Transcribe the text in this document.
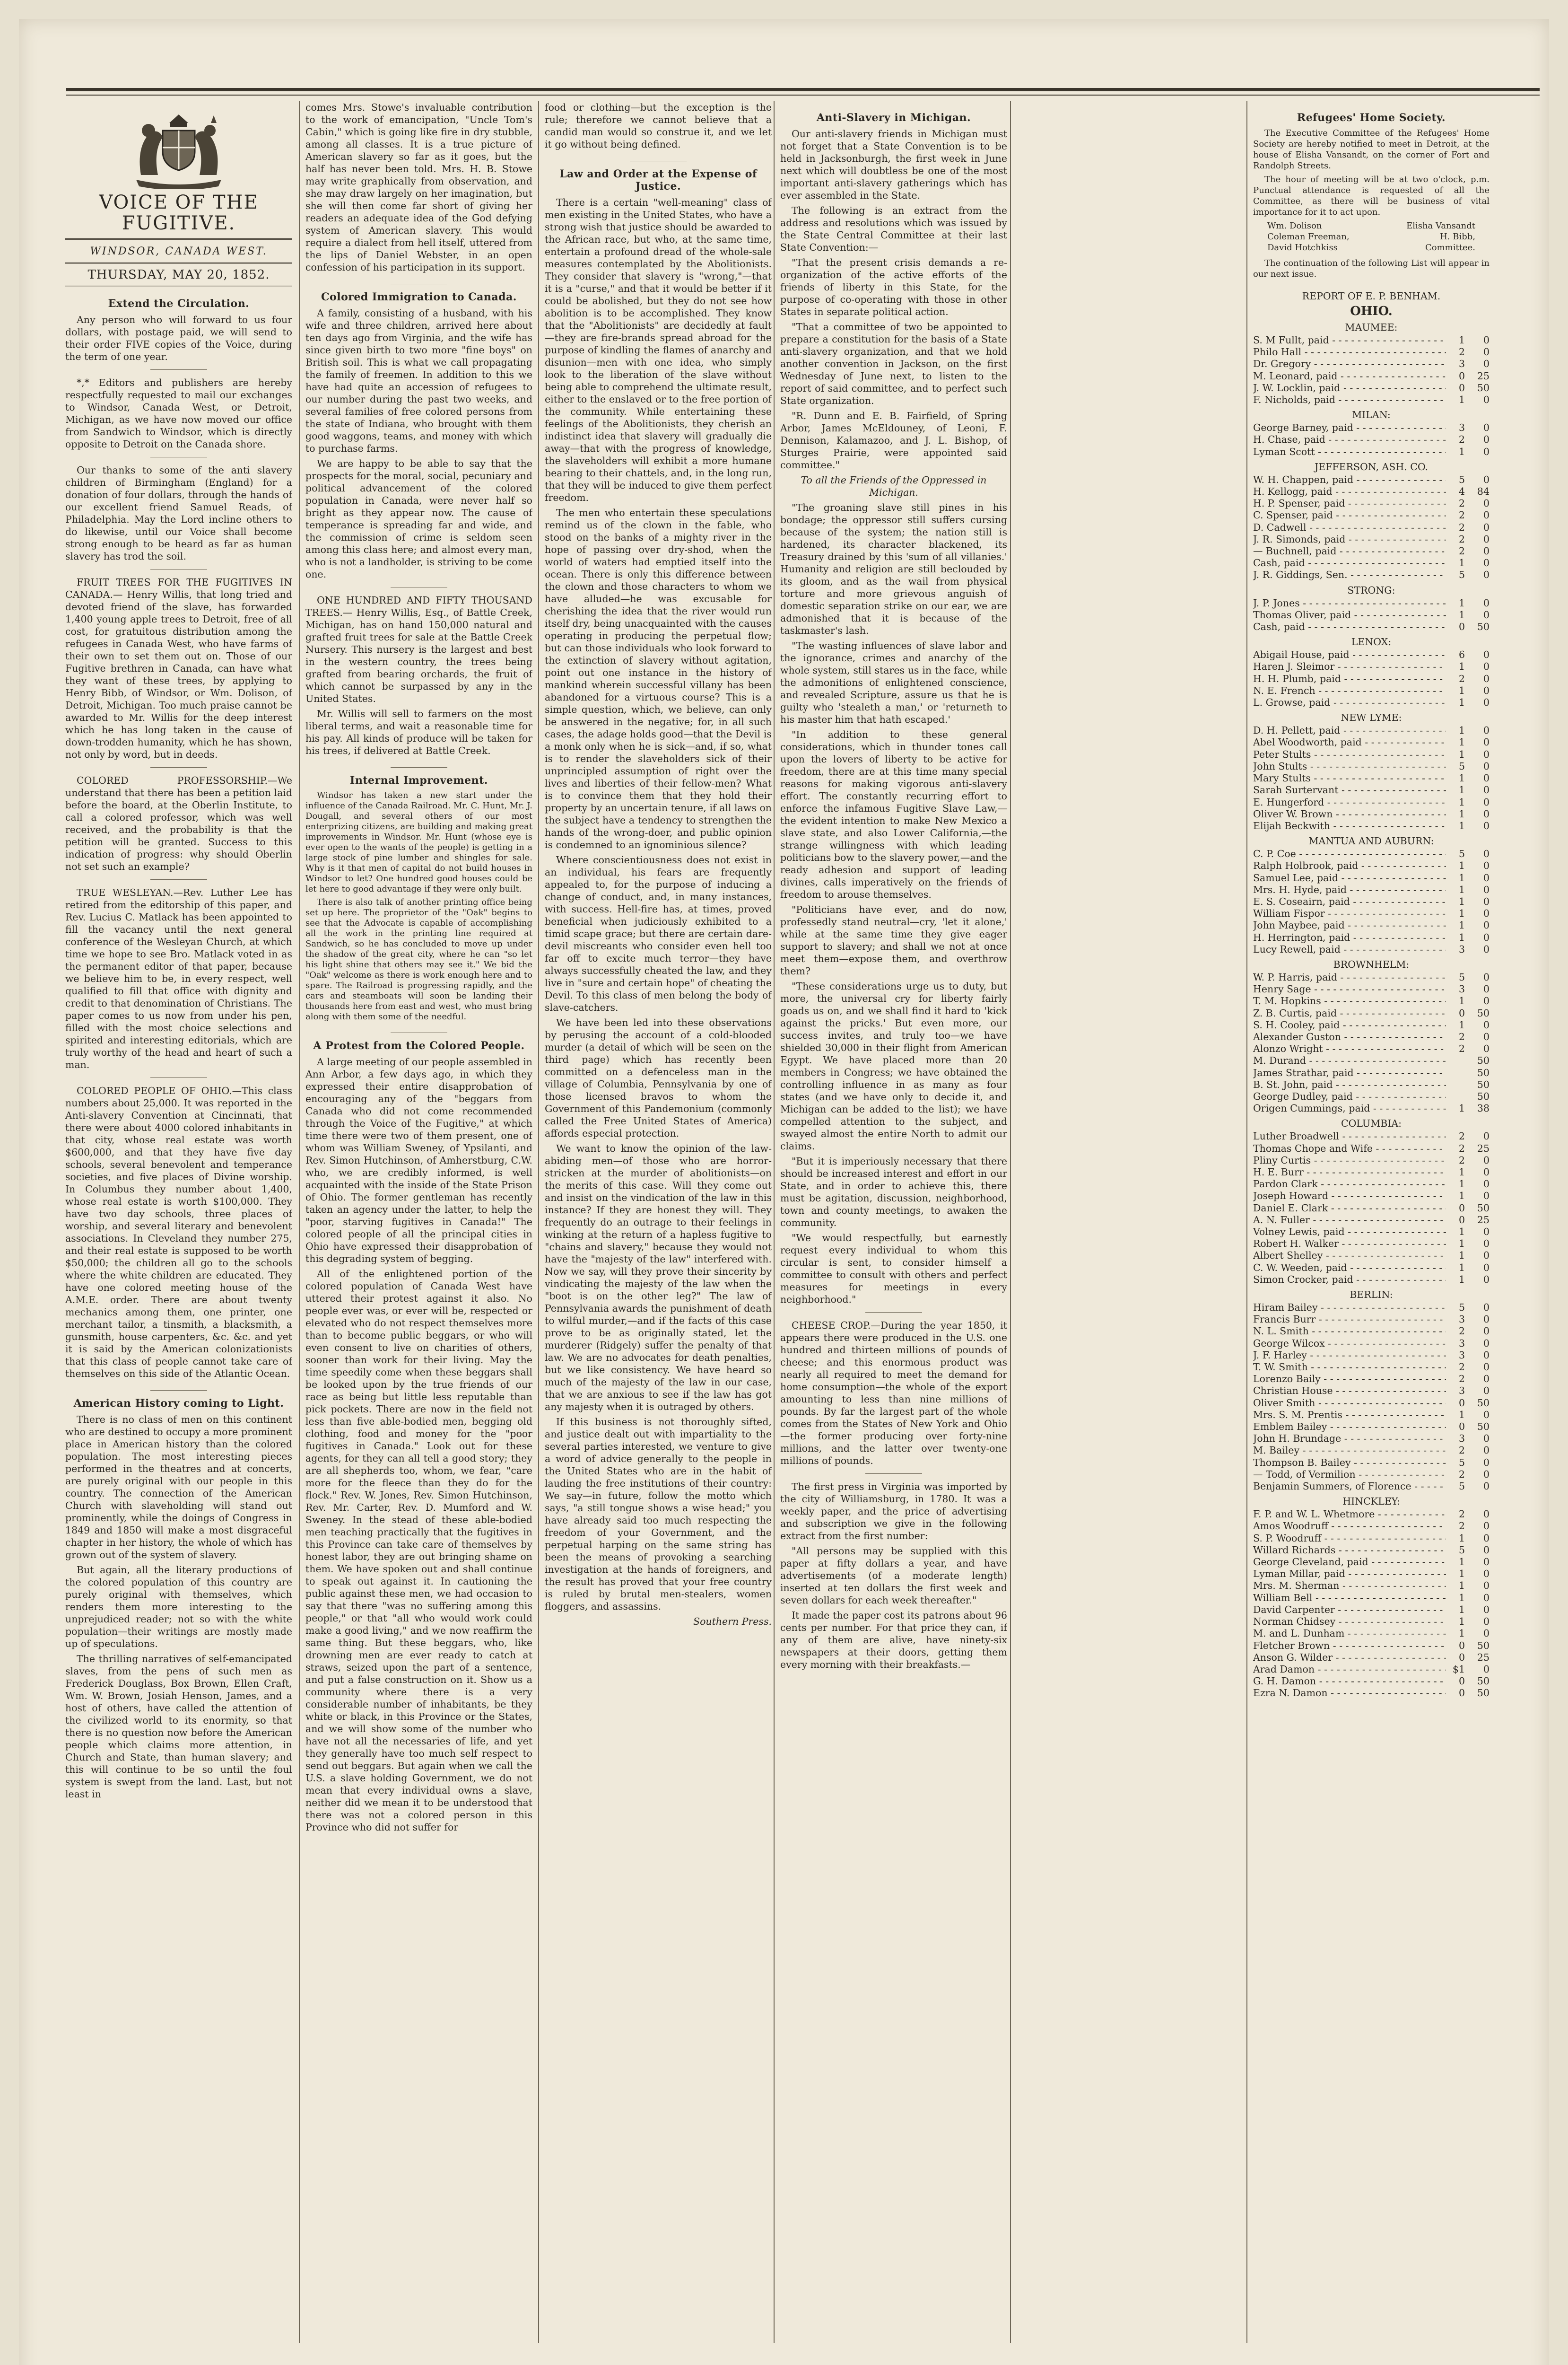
VOICE OF THE FUGITIVE.
WINDSOR, CANADA WEST.
THURSDAY, MAY 20, 1852.
Extend the Circulation.

Any person who will forward to us four dollars, with postage paid, we will send to their order FIVE copies of the Voice, during the term of one year.

*,* Editors and publishers are hereby respectfully requested to mail our exchanges to Windsor, Canada West, or Detroit, Michigan, as we have now moved our office from Sandwich to Windsor, which is directly opposite to Detroit on the Canada shore.

Our thanks to some of the anti slavery children of Birmingham (England) for a donation of four dollars, through the hands of our excellent friend Samuel Reads, of Philadelphia. May the Lord incline others to do likewise, until our Voice shall become strong enough to be heard as far as human slavery has trod the soil.

FRUIT TREES FOR THE FUGITIVES IN CANADA.— Henry Willis, that long tried and devoted friend of the slave, has forwarded 1,400 young apple trees to Detroit, free of all cost, for gratuitous distribution among the refugees in Canada West, who have farms of their own to set them out on. Those of our Fugitive brethren in Canada, can have what they want of these trees, by applying to Henry Bibb, of Windsor, or Wm. Dolison, of Detroit, Michigan. Too much praise cannot be awarded to Mr. Willis for the deep interest which he has long taken in the cause of down-trodden humanity, which he has shown, not only by word, but in deeds.

COLORED PROFESSORSHIP.—We understand that there has been a petition laid before the board, at the Oberlin Institute, to call a colored professor, which was well received, and the probability is that the petition will be granted. Success to this indication of progress: why should Oberlin not set such an example?

TRUE WESLEYAN.—Rev. Luther Lee has retired from the editorship of this paper, and Rev. Lucius C. Matlack has been appointed to fill the vacancy until the next general conference of the Wesleyan Church, at which time we hope to see Bro. Matlack voted in as the permanent editor of that paper, because we believe him to be, in every respect, well qualified to fill that office with dignity and credit to that denomination of Christians. The paper comes to us now from under his pen, filled with the most choice selections and spirited and interesting editorials, which are truly worthy of the head and heart of such a man.

COLORED PEOPLE OF OHIO.—This class numbers about 25,000. It was reported in the Anti-slavery Convention at Cincinnati, that there were about 4000 colored inhabitants in that city, whose real estate was worth $600,000, and that they have five day schools, several benevolent and temperance societies, and five places of Divine worship. In Columbus they number about 1,400, whose real estate is worth $100,000. They have two day schools, three places of worship, and several literary and benevolent associations. In Cleveland they number 275, and their real estate is supposed to be worth $50,000; the children all go to the schools where the white children are educated. They have one colored meeting house of the A.M.E. order. There are about twenty mechanics among them, one printer, one merchant tailor, a tinsmith, a blacksmith, a gunsmith, house carpenters, &c. &c. and yet it is said by the American colonizationists that this class of people cannot take care of themselves on this side of the Atlantic Ocean.

American History coming to Light.

There is no class of men on this continent who are destined to occupy a more prominent place in American history than the colored population. The most interesting pieces performed in the theatres and at concerts, are purely original with our people in this country. The connection of the American Church with slaveholding will stand out prominently, while the doings of Congress in 1849 and 1850 will make a most disgraceful chapter in her history, the whole of which has grown out of the system of slavery.

But again, all the literary productions of the colored population of this country are purely original with themselves, which renders them more interesting to the unprejudiced reader; not so with the white population—their writings are mostly made up of speculations.

The thrilling narratives of self-emancipated slaves, from the pens of such men as Frederick Douglass, Box Brown, Ellen Craft, Wm. W. Brown, Josiah Henson, James, and a host of others, have called the attention of the civilized world to its enormity, so that there is no question now before the American people which claims more attention, in Church and State, than human slavery; and this will continue to be so until the foul system is swept from the land. Last, but not least in

comes Mrs. Stowe's invaluable contribution to the work of emancipation, "Uncle Tom's Cabin," which is going like fire in dry stubble, among all classes. It is a true picture of American slavery so far as it goes, but the half has never been told. Mrs. H. B. Stowe may write graphically from observation, and she may draw largely on her imagination, but she will then come far short of giving her readers an adequate idea of the God defying system of American slavery. This would require a dialect from hell itself, uttered from the lips of Daniel Webster, in an open confession of his participation in its support.

Colored Immigration to Canada.

A family, consisting of a husband, with his wife and three children, arrived here about ten days ago from Virginia, and the wife has since given birth to two more "fine boys" on British soil. This is what we call propagating the family of freemen. In addition to this we have had quite an accession of refugees to our number during the past two weeks, and several families of free colored persons from the state of Indiana, who brought with them good waggons, teams, and money with which to purchase farms.

We are happy to be able to say that the prospects for the moral, social, pecuniary and political advancement of the colored population in Canada, were never half so bright as they appear now. The cause of temperance is spreading far and wide, and the commission of crime is seldom seen among this class here; and almost every man, who is not a landholder, is striving to be come one.

ONE HUNDRED AND FIFTY THOUSAND TREES.— Henry Willis, Esq., of Battle Creek, Michigan, has on hand 150,000 natural and grafted fruit trees for sale at the Battle Creek Nursery. This nursery is the largest and best in the western country, the trees being grafted from bearing orchards, the fruit of which cannot be surpassed by any in the United States.

Mr. Willis will sell to farmers on the most liberal terms, and wait a reasonable time for his pay. All kinds of produce will be taken for his trees, if delivered at Battle Creek.

Internal Improvement.

Windsor has taken a new start under the influence of the Canada Railroad. Mr. C. Hunt, Mr. J. Dougall, and several others of our most enterprizing citizens, are building and making great improvements in Windsor. Mr. Hunt (whose eye is ever open to the wants of the people) is getting in a large stock of pine lumber and shingles for sale. Why is it that men of capital do not build houses in Windsor to let? One hundred good houses could be let here to good advantage if they were only built.

There is also talk of another printing office being set up here. The proprietor of the "Oak" begins to see that the Advocate is capable of accomplishing all the work in the printing line required at Sandwich, so he has concluded to move up under the shadow of the great city, where he can "so let his light shine that others may see it." We bid the "Oak" welcome as there is work enough here and to spare. The Railroad is progressing rapidly, and the cars and steamboats will soon be landing their thousands here from east and west, who must bring along with them some of the needful.

A Protest from the Colored People.

A large meeting of our people assembled in Ann Arbor, a few days ago, in which they expressed their entire disapprobation of encouraging any of the "beggars from Canada who did not come recommended through the Voice of the Fugitive," at which time there were two of them present, one of whom was William Sweney, of Ypsilanti, and Rev. Simon Hutchinson, of Amherstburg, C.W. who, we are credibly informed, is well acquainted with the inside of the State Prison of Ohio. The former gentleman has recently taken an agency under the latter, to help the "poor, starving fugitives in Canada!" The colored people of all the principal cities in Ohio have expressed their disapprobation of this degrading system of begging.

All of the enlightened portion of the colored population of Canada West have uttered their protest against it also. No people ever was, or ever will be, respected or elevated who do not respect themselves more than to become public beggars, or who will even consent to live on charities of others, sooner than work for their living. May the time speedily come when these beggars shall be looked upon by the true friends of our race as being but little less reputable than pick pockets. There are now in the field not less than five able-bodied men, begging old clothing, food and money for the "poor fugitives in Canada." Look out for these agents, for they can all tell a good story; they are all shepherds too, whom, we fear, "care more for the fleece than they do for the flock." Rev. W. Jones, Rev. Simon Hutchinson, Rev. Mr. Carter, Rev. D. Mumford and W. Sweney. In the stead of these able-bodied men teaching practically that the fugitives in this Province can take care of themselves by honest labor, they are out bringing shame on them. We have spoken out and shall continue to speak out against it. In cautioning the public against these men, we had occasion to say that there "was no suffering among this people," or that "all who would work could make a good living," and we now reaffirm the same thing. But these beggars, who, like drowning men are ever ready to catch at straws, seized upon the part of a sentence, and put a false construction on it. Show us a community where there is a very considerable number of inhabitants, be they white or black, in this Province or the States, and we will show some of the number who have not all the necessaries of life, and yet they generally have too much self respect to send out beggars. But again when we call the U.S. a slave holding Government, we do not mean that every individual owns a slave, neither did we mean it to be understood that there was not a colored person in this Province who did not suffer for

food or clothing—but the exception is the rule; therefore we cannot believe that a candid man would so construe it, and we let it go without being defined.

Law and Order at the Expense of Justice.

There is a certain "well-meaning" class of men existing in the United States, who have a strong wish that justice should be awarded to the African race, but who, at the same time, entertain a profound dread of the whole-sale measures contemplated by the Abolitionists. They consider that slavery is "wrong,"—that it is a "curse," and that it would be better if it could be abolished, but they do not see how abolition is to be accomplished. They know that the "Abolitionists" are decidedly at fault—they are fire-brands spread abroad for the purpose of kindling the flames of anarchy and disunion—men with one idea, who simply look to the liberation of the slave without being able to comprehend the ultimate result, either to the enslaved or to the free portion of the community. While entertaining these feelings of the Abolitionists, they cherish an indistinct idea that slavery will gradually die away—that with the progress of knowledge, the slaveholders will exhibit a more humane bearing to their chattels, and, in the long run, that they will be induced to give them perfect freedom.

The men who entertain these speculations remind us of the clown in the fable, who stood on the banks of a mighty river in the hope of passing over dry-shod, when the world of waters had emptied itself into the ocean. There is only this difference between the clown and those characters to whom we have alluded—he was excusable for cherishing the idea that the river would run itself dry, being unacquainted with the causes operating in producing the perpetual flow; but can those individuals who look forward to the extinction of slavery without agitation, point out one instance in the history of mankind wherein successful villany has been abandoned for a virtuous course? This is a simple question, which, we believe, can only be answered in the negative; for, in all such cases, the adage holds good—that the Devil is a monk only when he is sick—and, if so, what is to render the slaveholders sick of their unprincipled assumption of right over the lives and liberties of their fellow-men? What is to convince them that they hold their property by an uncertain tenure, if all laws on the subject have a tendency to strengthen the hands of the wrong-doer, and public opinion is condemned to an ignominious silence?

Where conscientiousness does not exist in an individual, his fears are frequently appealed to, for the purpose of inducing a change of conduct, and, in many instances, with success. Hell-fire has, at times, proved beneficial when judiciously exhibited to a timid scape grace; but there are certain dare-devil miscreants who consider even hell too far off to excite much terror—they have always successfully cheated the law, and they live in "sure and certain hope" of cheating the Devil. To this class of men belong the body of slave-catchers.

We have been led into these observations by perusing the account of a cold-blooded murder (a detail of which will be seen on the third page) which has recently been committed on a defenceless man in the village of Columbia, Pennsylvania by one of those licensed bravos to whom the Government of this Pandemonium (commonly called the Free United States of America) affords especial protection.

We want to know the opinion of the law-abiding men—of those who are horror-stricken at the murder of abolitionists—on the merits of this case. Will they come out and insist on the vindication of the law in this instance? If they are honest they will. They frequently do an outrage to their feelings in winking at the return of a hapless fugitive to "chains and slavery," because they would not have the "majesty of the law" interfered with. Now we say, will they prove their sincerity by vindicating the majesty of the law when the "boot is on the other leg?" The law of Pennsylvania awards the punishment of death to wilful murder,—and if the facts of this case prove to be as originally stated, let the murderer (Ridgely) suffer the penalty of that law. We are no advocates for death penalties, but we like consistency. We have heard so much of the majesty of the law in our case, that we are anxious to see if the law has got any majesty when it is outraged by others.

If this business is not thoroughly sifted, and justice dealt out with impartiality to the several parties interested, we venture to give a word of advice generally to the people in the United States who are in the habit of lauding the free institutions of their country: We say—in future, follow the motto which says, "a still tongue shows a wise head;" you have already said too much respecting the freedom of your Government, and the perpetual harping on the same string has been the means of provoking a searching investigation at the hands of foreigners, and the result has proved that your free country is ruled by brutal men-stealers, women floggers, and assassins.

Southern Press.

Anti-Slavery in Michigan.

Our anti-slavery friends in Michigan must not forget that a State Convention is to be held in Jacksonburgh, the first week in June next which will doubtless be one of the most important anti-slavery gatherings which has ever assembled in the State.

The following is an extract from the address and resolutions which was issued by the State Central Committee at their last State Convention:—

"That the present crisis demands a re-organization of the active efforts of the friends of liberty in this State, for the purpose of co-operating with those in other States in separate political action.

"That a committee of two be appointed to prepare a constitution for the basis of a State anti-slavery organization, and that we hold another convention in Jackson, on the first Wednesday of June next, to listen to the report of said committee, and to perfect such State organization.

"R. Dunn and E. B. Fairfield, of Spring Arbor, James McEldouney, of Leoni, F. Dennison, Kalamazoo, and J. L. Bishop, of Sturges Prairie, were appointed said committee."

To all the Friends of the Oppressed in Michigan.

"The groaning slave still pines in his bondage; the oppressor still suffers cursing because of the system; the nation still is hardened, its character blackened, its Treasury drained by this 'sum of all villanies.' Humanity and religion are still beclouded by its gloom, and as the wail from physical torture and more grievous anguish of domestic separation strike on our ear, we are admonished that it is because of the taskmaster's lash.

"The wasting influences of slave labor and the ignorance, crimes and anarchy of the whole system, still stares us in the face, while the admonitions of enlightened conscience, and revealed Scripture, assure us that he is guilty who 'stealeth a man,' or 'returneth to his master him that hath escaped.'

"In addition to these general considerations, which in thunder tones call upon the lovers of liberty to be active for freedom, there are at this time many special reasons for making vigorous anti-slavery effort. The constantly recurring effort to enforce the infamous Fugitive Slave Law,—the evident intention to make New Mexico a slave state, and also Lower California,—the strange willingness with which leading politicians bow to the slavery power,—and the ready adhesion and support of leading divines, calls imperatively on the friends of freedom to arouse themselves.

"Politicians have ever, and do now, professedly stand neutral—cry, 'let it alone,' while at the same time they give eager support to slavery; and shall we not at once meet them—expose them, and overthrow them?

"These considerations urge us to duty, but more, the universal cry for liberty fairly goads us on, and we shall find it hard to 'kick against the pricks.' But even more, our success invites, and truly too—we have shielded 30,000 in their flight from American Egypt. We have placed more than 20 members in Congress; we have obtained the controlling influence in as many as four states (and we have only to decide it, and Michigan can be added to the list); we have compelled attention to the subject, and swayed almost the entire North to admit our claims.

"But it is imperiously necessary that there should be increased interest and effort in our State, and in order to achieve this, there must be agitation, discussion, neighborhood, town and county meetings, to awaken the community.

"We would respectfully, but earnestly request every individual to whom this circular is sent, to consider himself a committee to consult with others and perfect measures for meetings in every neighborhood."

CHEESE CROP.—During the year 1850, it appears there were produced in the U.S. one hundred and thirteen millions of pounds of cheese; and this enormous product was nearly all required to meet the demand for home consumption—the whole of the export amounting to less than nine millions of pounds. By far the largest part of the whole comes from the States of New York and Ohio—the former producing over forty-nine millions, and the latter over twenty-one millions of pounds.

The first press in Virginia was imported by the city of Williamsburg, in 1780. It was a weekly paper, and the price of advertising and subscription we give in the following extract from the first number:

"All persons may be supplied with this paper at fifty dollars a year, and have advertisements (of a moderate length) inserted at ten dollars the first week and seven dollars for each week thereafter."

It made the paper cost its patrons about 96 cents per number. For that price they can, if any of them are alive, have ninety-six newspapers at their doors, getting them every morning with their breakfasts.—

Refugees' Home Society.

The Executive Committee of the Refugees' Home Society are hereby notified to meet in Detroit, at the house of Elisha Vansandt, on the corner of Fort and Randolph Streets.

The hour of meeting will be at two o'clock, p.m. Punctual attendance is requested of all the Committee, as there will be business of vital importance for it to act upon.

Wm. Dolison	Elisha Vansandt
Coleman Freeman,	H. Bibb,
David Hotchkiss	Committee.

The continuation of the following List will appear in our next issue.

REPORT OF E. P. BENHAM.
OHIO.
MAUMEE:
S. M Fullt, paid - - -	1	0
Philo Hall - - -	2	0
Dr. Gregory - - -	3	0
M. Leonard, paid - - -	0	25
J. W. Locklin, paid - - -	0	50
F. Nicholds, paid - - -	1	0
MILAN:
George Barney, paid - - -	3	0
H. Chase, paid - - -	2	0
Lyman Scott - - -	1	0
JEFFERSON, ASH. CO.
W. H. Chappen, paid - - -	5	0
H. Kellogg, paid - - -	4	84
H. P. Spenser, paid - - -	2	0
C. Spenser, paid - - -	2	0
D. Cadwell - - -	2	0
J. R. Simonds, paid - - -	2	0
— Buchnell, paid - - -	2	0
Cash, paid - - -	1	0
J. R. Giddings, Sen. - - -	5	0
STRONG:
J. P. Jones - - -	1	0
Thomas Oliver, paid - - -	1	0
Cash, paid - - -	0	50
LENOX:
Abigail House, paid - - -	6	0
Haren J. Sleimor - - -	1	0
H. H. Plumb, paid - - -	2	0
N. E. French - - -	1	0
L. Growse, paid - - -	1	0
NEW LYME:
D. H. Pellett, paid - - -	1	0
Abel Woodworth, paid - - -	1	0
Peter Stults - - -	1	0
John Stults - - -	5	0
Mary Stults - - -	1	0
Sarah Surtervant - - -	1	0
E. Hungerford - - -	1	0
Oliver W. Brown - - -	1	0
Elijah Beckwith - - -	1	0
MANTUA AND AUBURN:
C. P. Coe - - -	5	0
Ralph Holbrook, paid - - -	1	0
Samuel Lee, paid - - -	1	0
Mrs. H. Hyde, paid - - -	1	0
E. S. Coseairn, paid - - -	1	0
William Fispor - - -	1	0
John Maybee, paid - - -	1	0
H. Herrington, paid - - -	1	0
Lucy Rewell, paid - - -	3	0
BROWNHELM:
W. P. Harris, paid - - -	5	0
Henry Sage - - -	3	0
T. M. Hopkins - - -	1	0
Z. B. Curtis, paid - - -	0	50
S. H. Cooley, paid - - -	1	0
Alexander Guston - - -	2	0
Alonzo Wright - - -	2	0
M. Durand - - -	50
James Strathar, paid - - -	50
B. St. John, paid - - -	50
George Dudley, paid - - -	50
Origen Cummings, paid - - -	1	38
COLUMBIA:
Luther Broadwell - - -	2	0
Thomas Chope and Wife - - -	2	25
Pliny Curtis - - -	2	0
H. E. Burr - - -	1	0
Pardon Clark - - -	1	0
Joseph Howard - - -	1	0
Daniel E. Clark - - -	0	50
A. N. Fuller - - -	0	25
Volney Lewis, paid - - -	1	0
Robert H. Walker - - -	1	0
Albert Shelley - - -	1	0
C. W. Weeden, paid - - -	1	0
Simon Crocker, paid - - -	1	0
BERLIN:
Hiram Bailey - - -	5	0
Francis Burr - - -	3	0
N. L. Smith - - -	2	0
George Wilcox - - -	3	0
J. F. Harley - - -	3	0
T. W. Smith - - -	2	0
Lorenzo Baily - - -	2	0
Christian House - - -	3	0
Oliver Smith - - -	0	50
Mrs. S. M. Prentis - - -	1	0
Emblem Bailey - - -	0	50
John H. Brundage - - -	3	0
M. Bailey - - -	2	0
Thompson B. Bailey - - -	5	0
— Todd, of Vermilion - - -	2	0
Benjamin Summers, of Florence - - -	5	0
HINCKLEY:
F. P. and W. L. Whetmore - - -	2	0
Amos Woodruff - - -	2	0
S. P. Woodruff - - -	1	0
Willard Richards - - -	5	0
George Cleveland, paid - - -	1	0
Lyman Millar, paid - - -	1	0
Mrs. M. Sherman - - -	1	0
William Bell - - -	1	0
David Carpenter - - -	1	0
Norman Chidsey - - -	1	0
M. and L. Dunham - - -	1	0
Fletcher Brown - - -	0	50
Anson G. Wilder - - -	0	25
Arad Damon - - -	$1	0
G. H. Damon - - -	0	50
Ezra N. Damon - - -	0	50
